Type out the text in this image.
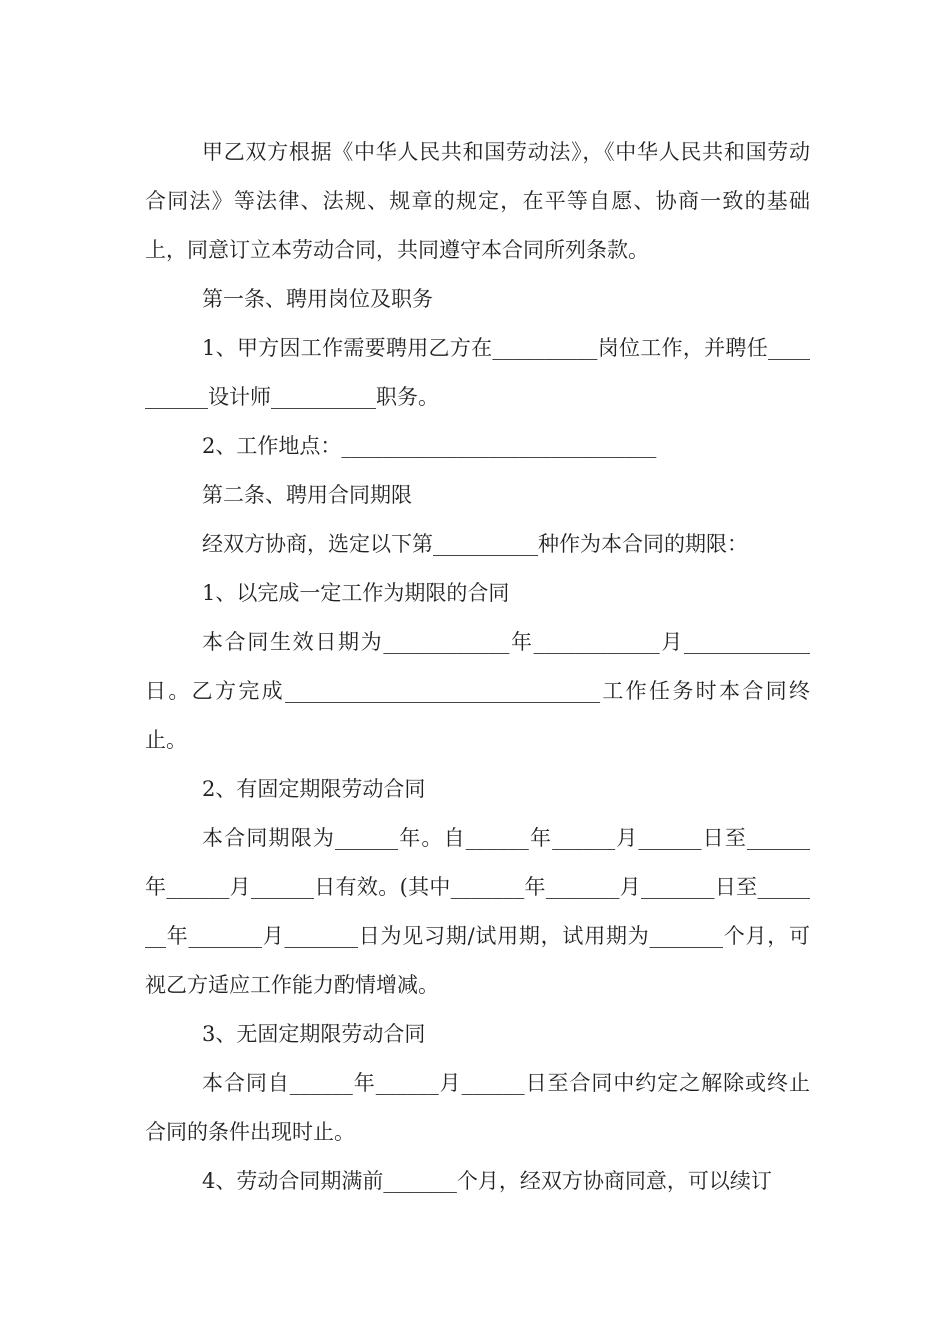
甲乙双方根据《中华人民共和国劳动法》，《中华人民共和国劳动合同法》等法律、法规、规章的规定，在平等自愿、协商一致的基础上，同意订立本劳动合同，共同遵守本合同所列条款。

第一条、聘用岗位及职务

1、甲方因工作需要聘用乙方在__________岗位工作，并聘任__________设计师__________职务。

2、工作地点：______________________________

第二条、聘用合同期限

经双方协商，选定以下第__________种作为本合同的期限：

1、以完成一定工作为期限的合同

本合同生效日期为____________年____________月____________日。乙方完成______________________________工作任务时本合同终止。

2、有固定期限劳动合同

本合同期限为______年。自______年______月______日至______年______月______日有效。(其中_______年_______月_______日至_______年_______月_______日为见习期/试用期，试用期为_______个月，可视乙方适应工作能力酌情增减。

3、无固定期限劳动合同

本合同自______年______月______日至合同中约定之解除或终止合同的条件出现时止。

4、劳动合同期满前_______个月，经双方协商同意，可以续订
